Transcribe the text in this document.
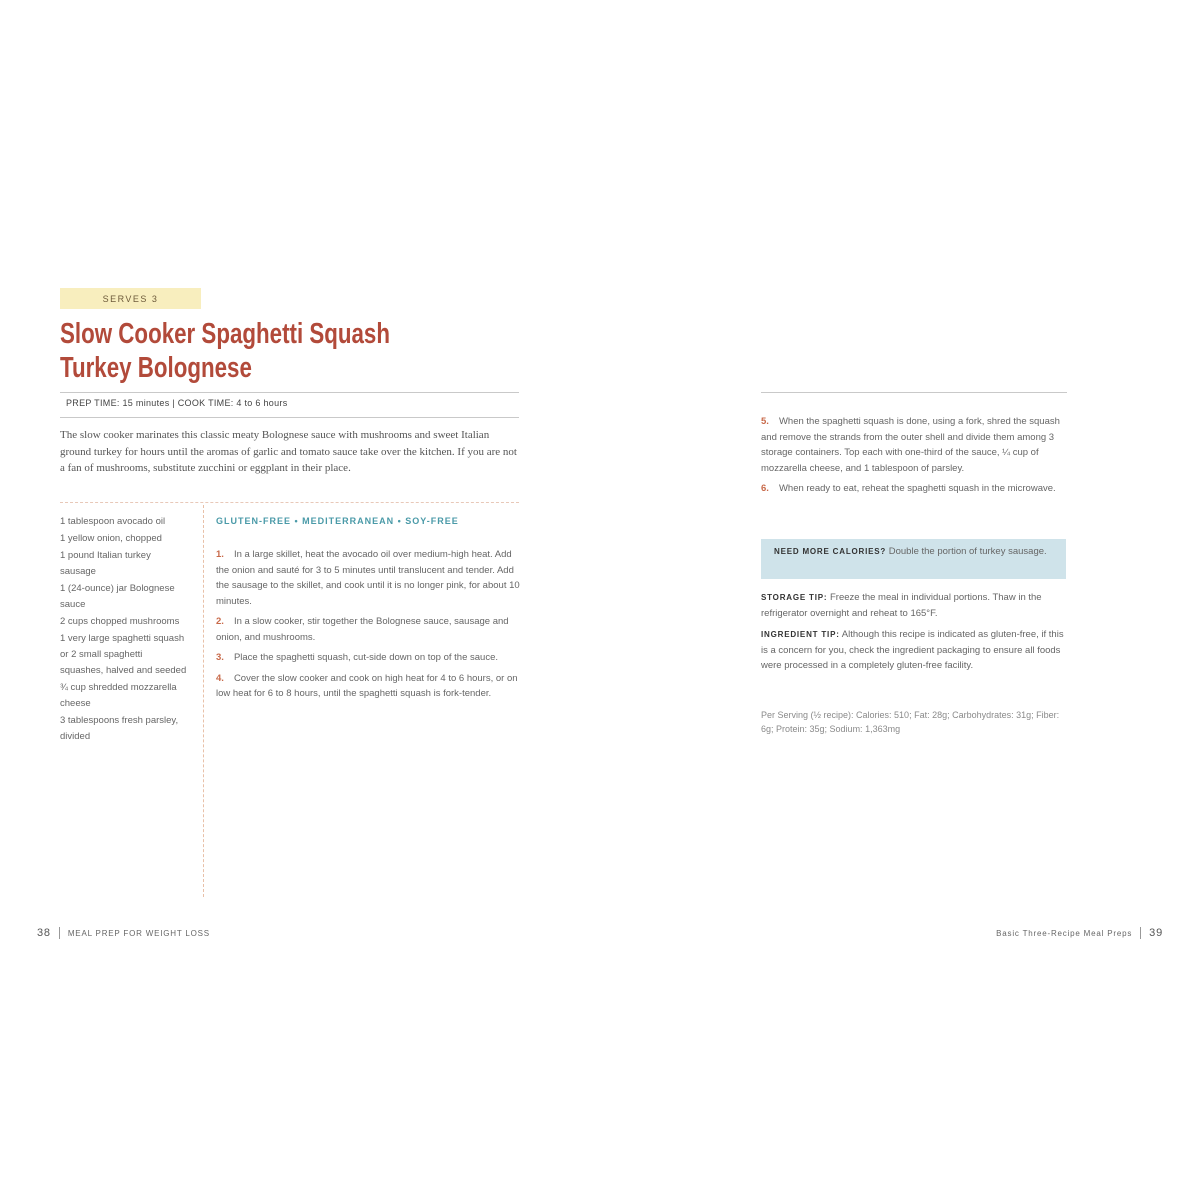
SERVES 3
Slow Cooker Spaghetti Squash
Turkey Bolognese
PREP TIME: 15 minutes | COOK TIME: 4 to 6 hours

The slow cooker marinates this classic meaty Bolognese sauce with mushrooms and sweet Italian ground turkey for hours until the aromas of garlic and tomato sauce take over the kitchen. If you are not a fan of mushrooms, substitute zucchini or eggplant in their place.

1 tablespoon avocado oil
1 yellow onion, chopped
1 pound Italian turkey sausage
1 (24-ounce) jar Bolognese sauce
2 cups chopped mushrooms
1 very large spaghetti squash or 2 small spaghetti squashes, halved and seeded
¾ cup shredded mozzarella cheese
3 tablespoons fresh parsley, divided
GLUTEN-FREE • MEDITERRANEAN • SOY-FREE
1. In a large skillet, heat the avocado oil over medium-high heat. Add the onion and sauté for 3 to 5 minutes until translucent and tender. Add the sausage to the skillet, and cook until it is no longer pink, for about 10 minutes.
2. In a slow cooker, stir together the Bolognese sauce, sausage and onion, and mushrooms.
3. Place the spaghetti squash, cut-side down on top of the sauce.
4. Cover the slow cooker and cook on high heat for 4 to 6 hours, or on low heat for 6 to 8 hours, until the spaghetti squash is fork-tender.
38 MEAL PREP FOR WEIGHT LOSS
5. When the spaghetti squash is done, using a fork, shred the squash and remove the strands from the outer shell and divide them among 3 storage containers. Top each with one-third of the sauce, ¼ cup of mozzarella cheese, and 1 tablespoon of parsley.
6. When ready to eat, reheat the spaghetti squash in the microwave.
NEED MORE CALORIES? Double the portion of turkey sausage.

STORAGE TIP: Freeze the meal in individual portions. Thaw in the refrigerator overnight and reheat to 165°F.

INGREDIENT TIP: Although this recipe is indicated as gluten-free, if this is a concern for you, check the ingredient packaging to ensure all foods were processed in a completely gluten-free facility.

Per Serving (½ recipe): Calories: 510; Fat: 28g; Carbohydrates: 31g; Fiber: 6g; Protein: 35g; Sodium: 1,363mg

Basic Three-Recipe Meal Preps 39
